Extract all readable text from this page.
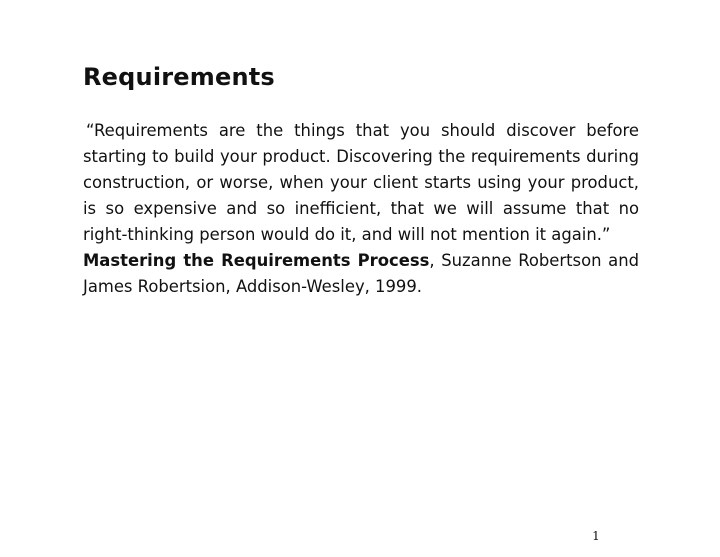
Requirements

“Requirements are the things that you should discover before starting to build your product. Discovering the requirements during construction, or worse, when your client starts using your product, is so expensive and so inefficient, that we will assume that no right-thinking person would do it, and will not mention it again.”

Mastering the Requirements Process, Suzanne Robertson and James Robertsion, Addison-Wesley, 1999.

1
